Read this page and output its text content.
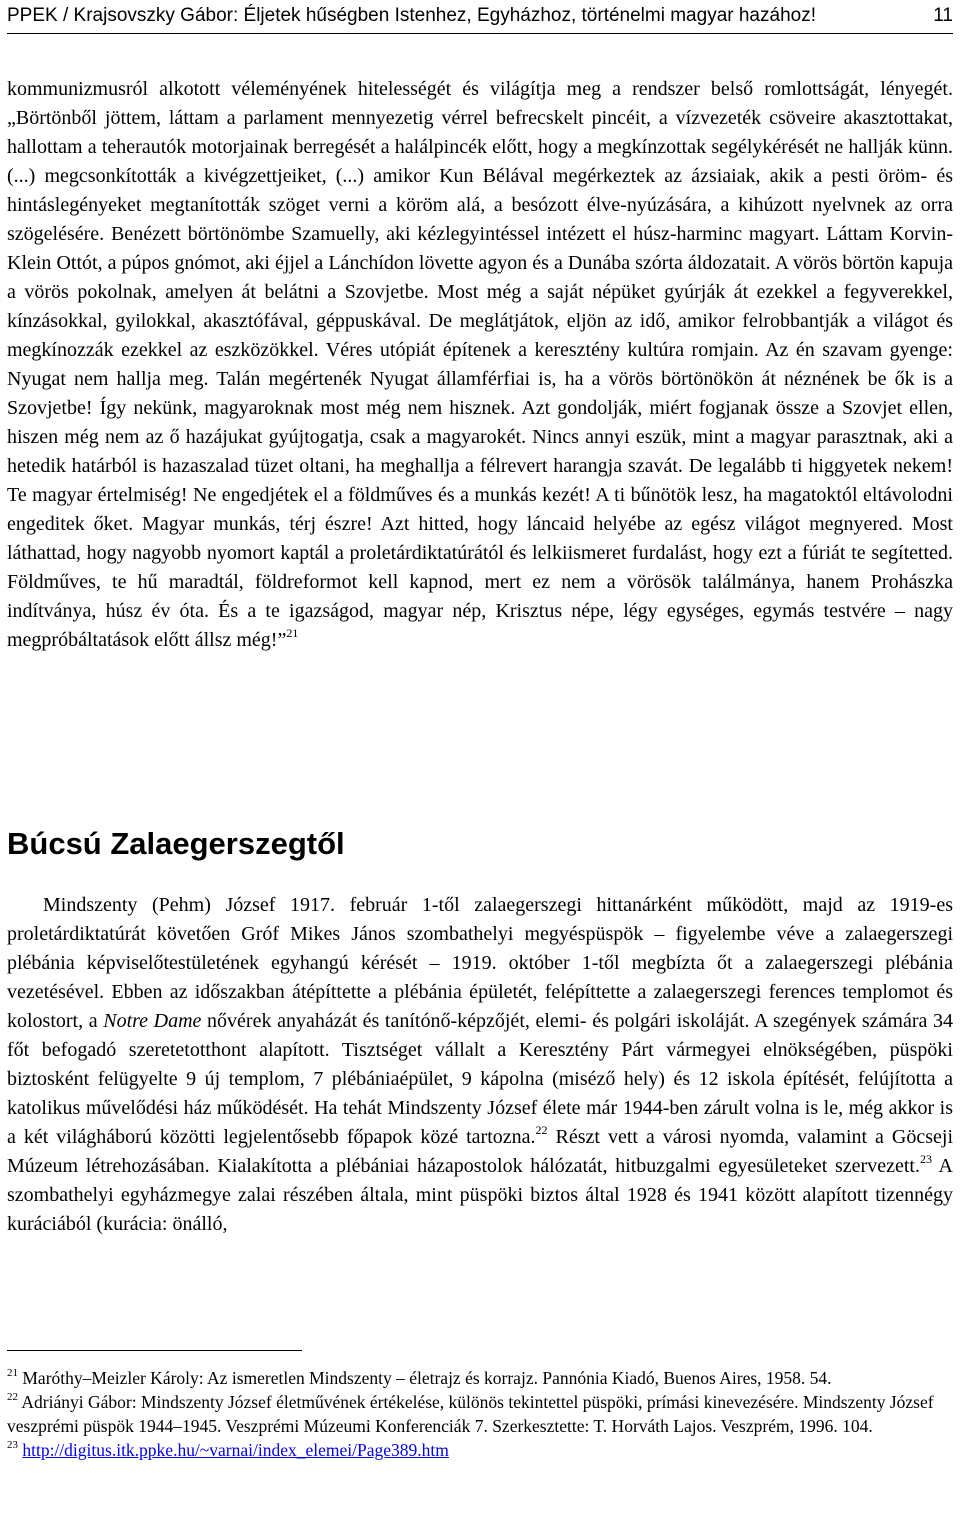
PPEK / Krajsovszky Gábor: Éljetek hűségben Istenhez, Egyházhoz, történelmi magyar hazához!	11
kommunizmusról alkotott véleményének hitelességét és világítja meg a rendszer belső romlottságát, lényegét. „Börtönből jöttem, láttam a parlament mennyezetig vérrel befrecskelt pincéit, a vízvezeték csöveire akasztottakat, hallottam a teherautók motorjainak berregését a halálpincék előtt, hogy a megkínzottak segélykérését ne hallják künn. (...) megcsonkították a kivégzettjeiket, (...) amikor Kun Bélával megérkeztek az ázsiaiak, akik a pesti öröm- és hintáslegényeket megtanították szöget verni a köröm alá, a besózott élve-nyúzására, a kihúzott nyelvnek az orra szögelésére. Benézett börtönömbe Szamuelly, aki kézlegyintéssel intézett el húsz-harminc magyart. Láttam Korvin-Klein Ottót, a púpos gnómot, aki éjjel a Lánchídon lövette agyon és a Dunába szórta áldozatait. A vörös börtön kapuja a vörös pokolnak, amelyen át belátni a Szovjetbe. Most még a saját népüket gyúrják át ezekkel a fegyverekkel, kínzásokkal, gyilokkal, akasztófával, géppuskával. De meglátjátok, eljön az idő, amikor felrobbantják a világot és megkínozzák ezekkel az eszközökkel. Véres utópiát építenek a keresztény kultúra romjain. Az én szavam gyenge: Nyugat nem hallja meg. Talán megértenék Nyugat államférfiai is, ha a vörös börtönökön át néznének be ők is a Szovjetbe! Így nekünk, magyaroknak most még nem hisznek. Azt gondolják, miért fogjanak össze a Szovjet ellen, hiszen még nem az ő hazájukat gyújtogatja, csak a magyarokét. Nincs annyi eszük, mint a magyar parasztnak, aki a hetedik határból is hazaszalad tüzet oltani, ha meghallja a félrevert harangja szavát. De legalább ti higgyetek nekem! Te magyar értelmiség! Ne engedjétek el a földműves és a munkás kezét! A ti bűnötök lesz, ha magatoktól eltávolodni engeditek őket. Magyar munkás, térj észre! Azt hitted, hogy láncaid helyébe az egész világot megnyered. Most láthattad, hogy nagyobb nyomort kaptál a proletárdiktatúrától és lelkiismeret furdalást, hogy ezt a fúriát te segítetted. Földműves, te hű maradtál, földreformot kell kapnod, mert ez nem a vörösök találmánya, hanem Prohászka indítványa, húsz év óta. És a te igazságod, magyar nép, Krisztus népe, légy egységes, egymás testvére – nagy megpróbáltatások előtt állsz még!”$^{21}$
Búcsú Zalaegerszegtől
Mindszenty (Pehm) József 1917. február 1-től zalaegerszegi hittanárként működött, majd az 1919-es proletárdiktatúrát követően Gróf Mikes János szombathelyi megyéspüspök – figyelembe véve a zalaegerszegi plébánia képviselőtestületének egyhangú kérését – 1919. október 1-től megbízta őt a zalaegerszegi plébánia vezetésével. Ebben az időszakban átépíttette a plébánia épületét, felépíttette a zalaegerszegi ferences templomot és kolostort, a Notre Dame nővérek anyaházát és tanítónő-képzőjét, elemi- és polgári iskoláját. A szegények számára 34 főt befogadó szeretetotthont alapított. Tisztséget vállalt a Keresztény Párt vármegyei elnökségében, püspöki biztosként felügyelte 9 új templom, 7 plébániaépület, 9 kápolna (miséző hely) és 12 iskola építését, felújította a katolikus művelődési ház működését. Ha tehát Mindszenty József élete már 1944-ben zárult volna is le, még akkor is a két világháború közötti legjelentősebb főpapok közé tartozna.$^{22}$ Részt vett a városi nyomda, valamint a Göcseji Múzeum létrehozásában. Kialakította a plébániai házapostolok hálózatát, hitbuzgalmi egyesületeket szervezett.$^{23}$ A szombathelyi egyházmegye zalai részében általa, mint püspöki biztos által 1928 és 1941 között alapított tizennégy kuráciából (kurácia: önálló,
$^{21}$ Maróthy–Meizler Károly: Az ismeretlen Mindszenty – életrajz és korrajz. Pannónia Kiadó, Buenos Aires, 1958. 54.
$^{22}$ Adriányi Gábor: Mindszenty József életművének értékelése, különös tekintettel püspöki, prímási kinevezésére. Mindszenty József veszprémi püspök 1944–1945. Veszprémi Múzeumi Konferenciák 7. Szerkesztette: T. Horváth Lajos. Veszprém, 1996. 104.
$^{23}$ http://digitus.itk.ppke.hu/~varnai/index_elemei/Page389.htm
